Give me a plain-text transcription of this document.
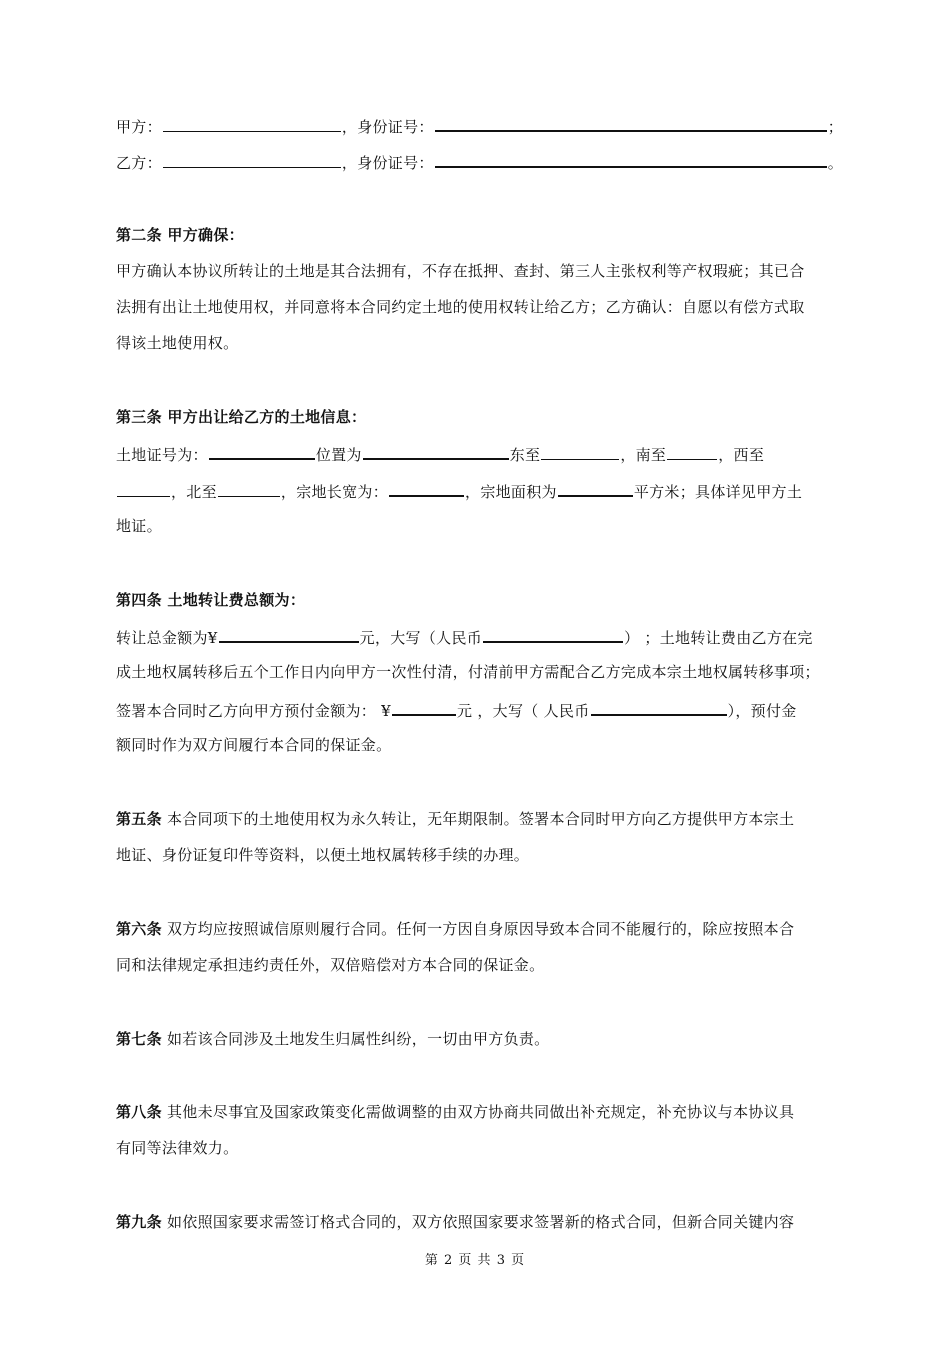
甲方：	，身份证号：	；
乙方：	，身份证号：	。
第二条 甲方确保：
甲方确认本协议所转让的土地是其合法拥有，不存在抵押、查封、第三人主张权利等产权瑕疵；其已合
法拥有出让土地使用权，并同意将本合同约定土地的使用权转让给乙方；乙方确认：自愿以有偿方式取
得该土地使用权。
第三条 甲方出让给乙方的土地信息：
土地证号为：	位置为	东至	，南至	，西至
，北至	，宗地长宽为：	，宗地面积为	平方米；具体详见甲方土
地证。
第四条 土地转让费总额为：
转让总金额为¥	元，大写（人民币	） ；土地转让费由乙方在完
成土地权属转移后五个工作日内向甲方一次性付清，付清前甲方需配合乙方完成本宗土地权属转移事项；
签署本合同时乙方向甲方预付金额为： ¥	元 ，大写（ 人民币	），预付金
额同时作为双方间履行本合同的保证金。
第五条 本合同项下的土地使用权为永久转让，无年期限制。签署本合同时甲方向乙方提供甲方本宗土
地证、身份证复印件等资料，以便土地权属转移手续的办理。
第六条 双方均应按照诚信原则履行合同。任何一方因自身原因导致本合同不能履行的，除应按照本合
同和法律规定承担违约责任外，双倍赔偿对方本合同的保证金。
第七条 如若该合同涉及土地发生归属性纠纷，一切由甲方负责。
第八条 其他未尽事宜及国家政策变化需做调整的由双方协商共同做出补充规定，补充协议与本协议具
有同等法律效力。
第九条 如依照国家要求需签订格式合同的，双方依照国家要求签署新的格式合同，但新合同关键内容
第 2 页 共 3 页
